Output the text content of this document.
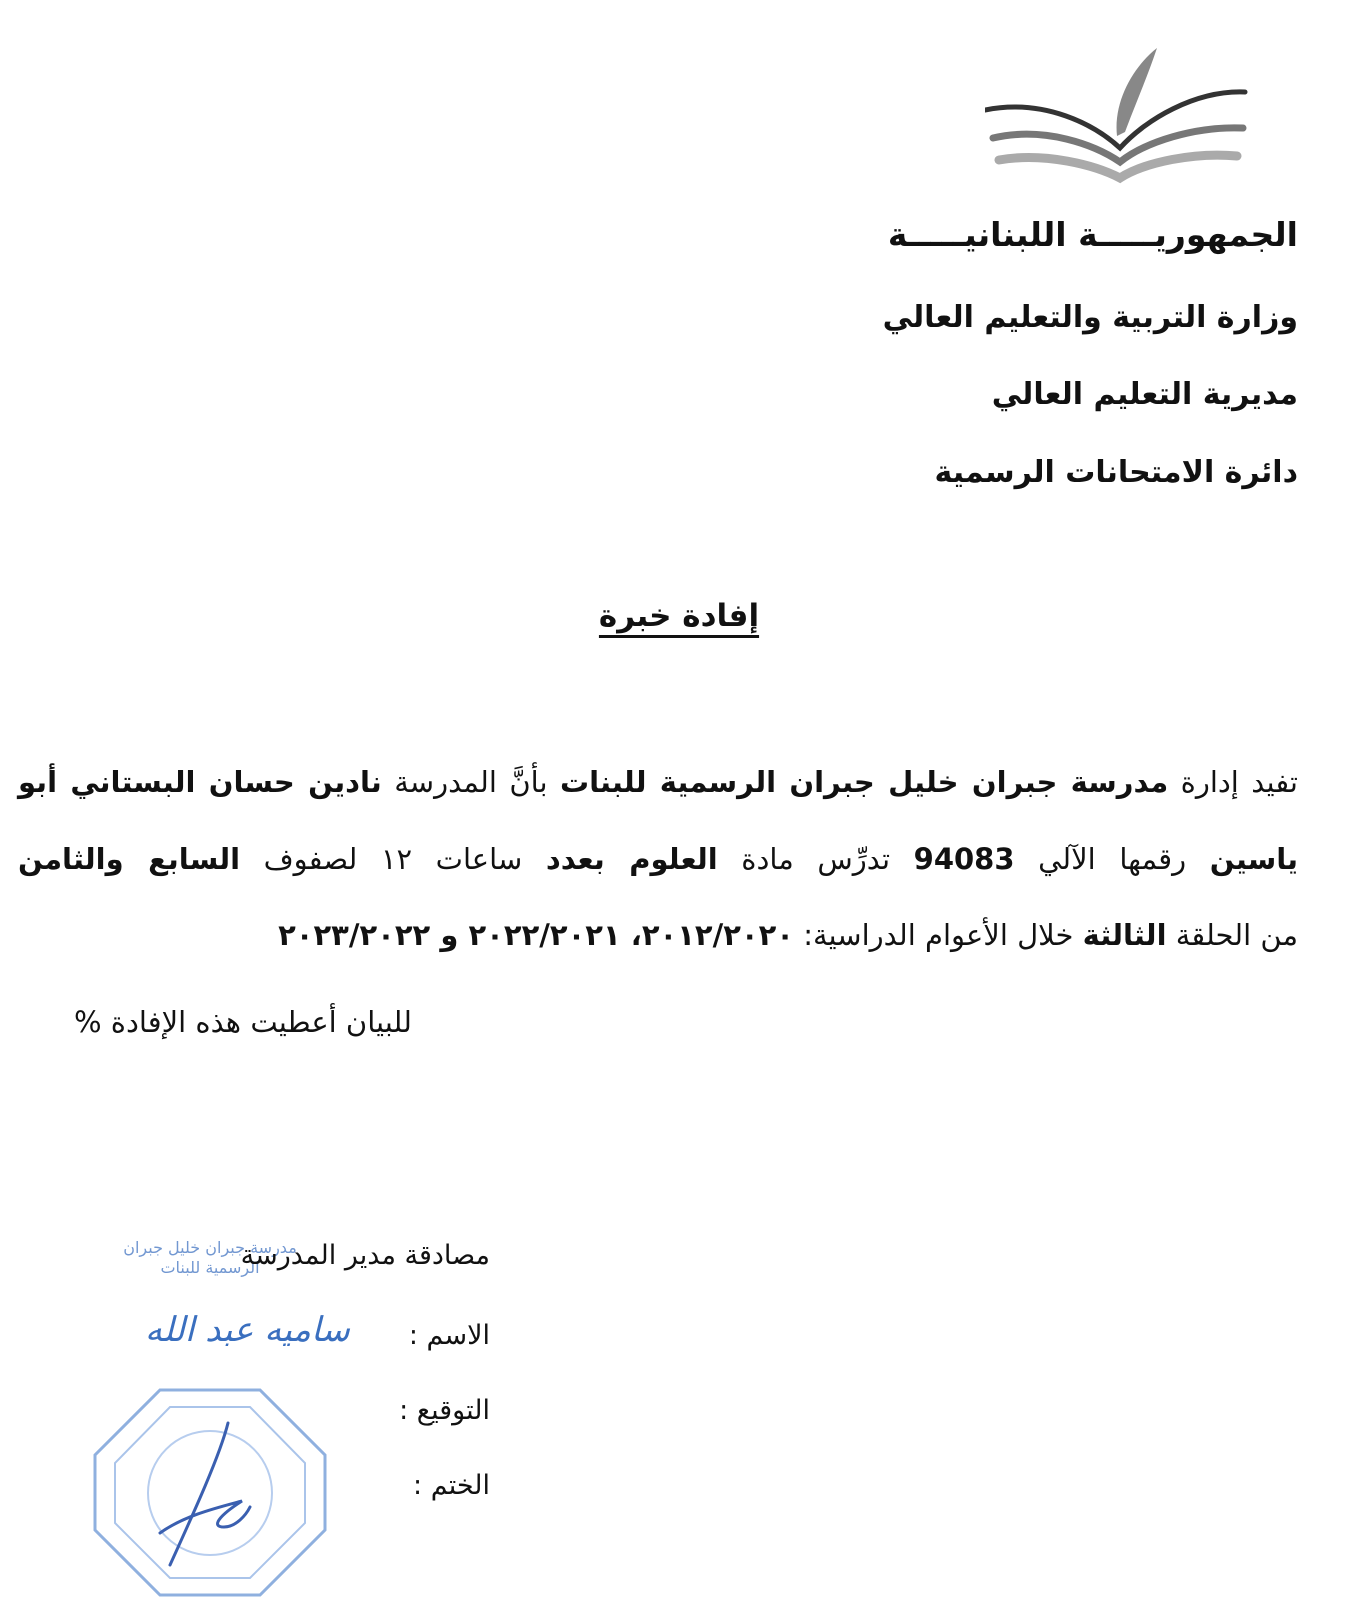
الجمهوريـــــة اللبنانيـــــة
وزارة التربية والتعليم العالي
مديرية التعليم العالي
دائرة الامتحانات الرسمية
إفادة خبرة
تفيد إدارة مدرسة جبران خليل جبران الرسمية للبنات بأنَّ المدرسة نادين حسان البستاني أبو
ياسين رقمها الآلي 94083 تدرِّس مادة العلوم بعدد ساعات ١٢ لصفوف السابع والثامن
من الحلقة الثالثة خلال الأعوام الدراسية: ٢٠١٢/٢٠٢٠، ٢٠٢٢/٢٠٢١ و ٢٠٢٣/٢٠٢٢
للبيان أعطيت هذه الإفادة %
مدرسة جبران خليل جبران
الرسمية للبنات
مصادقة مدير المدرسة
الاسم :
التوقيع :
الختم :
ساميه عبد الله
